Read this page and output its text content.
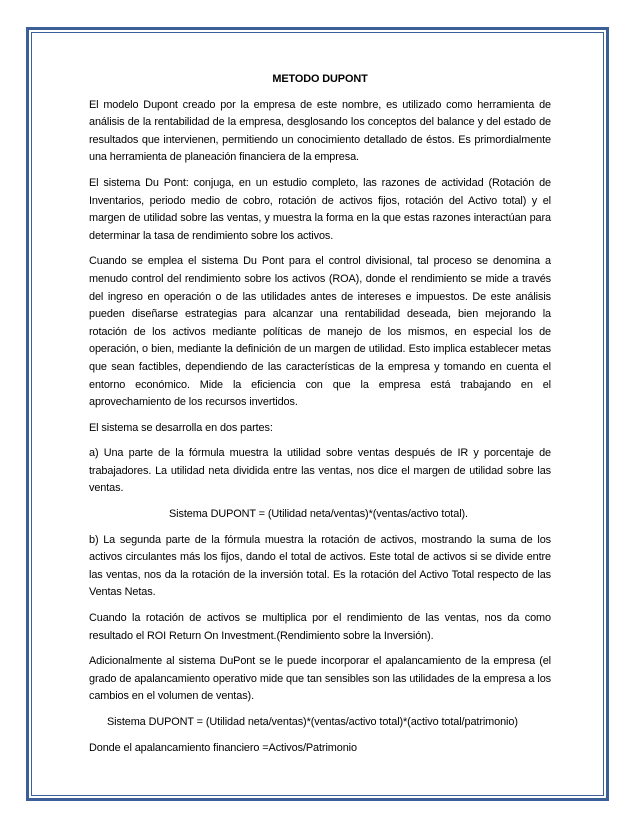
METODO DUPONT

El modelo Dupont creado por la empresa de este nombre, es utilizado como herramienta de análisis de la rentabilidad de la empresa, desglosando los conceptos del balance y del estado de resultados que intervienen, permitiendo un conocimiento detallado de éstos. Es primordialmente una herramienta de planeación financiera de la empresa.

El sistema Du Pont: conjuga, en un estudio completo, las razones de actividad (Rotación de Inventarios, periodo medio de cobro, rotación de activos fijos, rotación del Activo total) y el margen de utilidad sobre las ventas, y muestra la forma en la que estas razones interactúan para determinar la tasa de rendimiento sobre los activos.

Cuando se emplea el sistema Du Pont para el control divisional, tal proceso se denomina a menudo control del rendimiento sobre los activos (ROA), donde el rendimiento se mide a través del ingreso en operación o de las utilidades antes de intereses e impuestos. De este análisis pueden diseñarse estrategias para alcanzar una rentabilidad deseada, bien mejorando la rotación de los activos mediante políticas de manejo de los mismos, en especial los de operación, o bien, mediante la definición de un margen de utilidad. Esto implica establecer metas que sean factibles, dependiendo de las características de la empresa y tomando en cuenta el entorno económico. Mide la eficiencia con que la empresa está trabajando en el aprovechamiento de los recursos invertidos.

El sistema se desarrolla en dos partes:

a) Una parte de la fórmula muestra la utilidad sobre ventas después de IR y porcentaje de trabajadores. La utilidad neta dividida entre las ventas, nos dice el margen de utilidad sobre las ventas.

Sistema DUPONT = (Utilidad neta/ventas)*(ventas/activo total).

b) La segunda parte de la fórmula muestra la rotación de activos, mostrando la suma de los activos circulantes más los fijos, dando el total de activos. Este total de activos si se divide entre las ventas, nos da la rotación de la inversión total. Es la rotación del Activo Total respecto de las Ventas Netas.

Cuando la rotación de activos se multiplica por el rendimiento de las ventas, nos da como resultado el ROI Return On Investment.(Rendimiento sobre la Inversión).

Adicionalmente al sistema DuPont se le puede incorporar el apalancamiento de la empresa (el grado de apalancamiento operativo mide que tan sensibles son las utilidades de la empresa a los cambios en el volumen de ventas).

Sistema DUPONT = (Utilidad neta/ventas)*(ventas/activo total)*(activo total/patrimonio)

Donde el apalancamiento financiero =Activos/Patrimonio
